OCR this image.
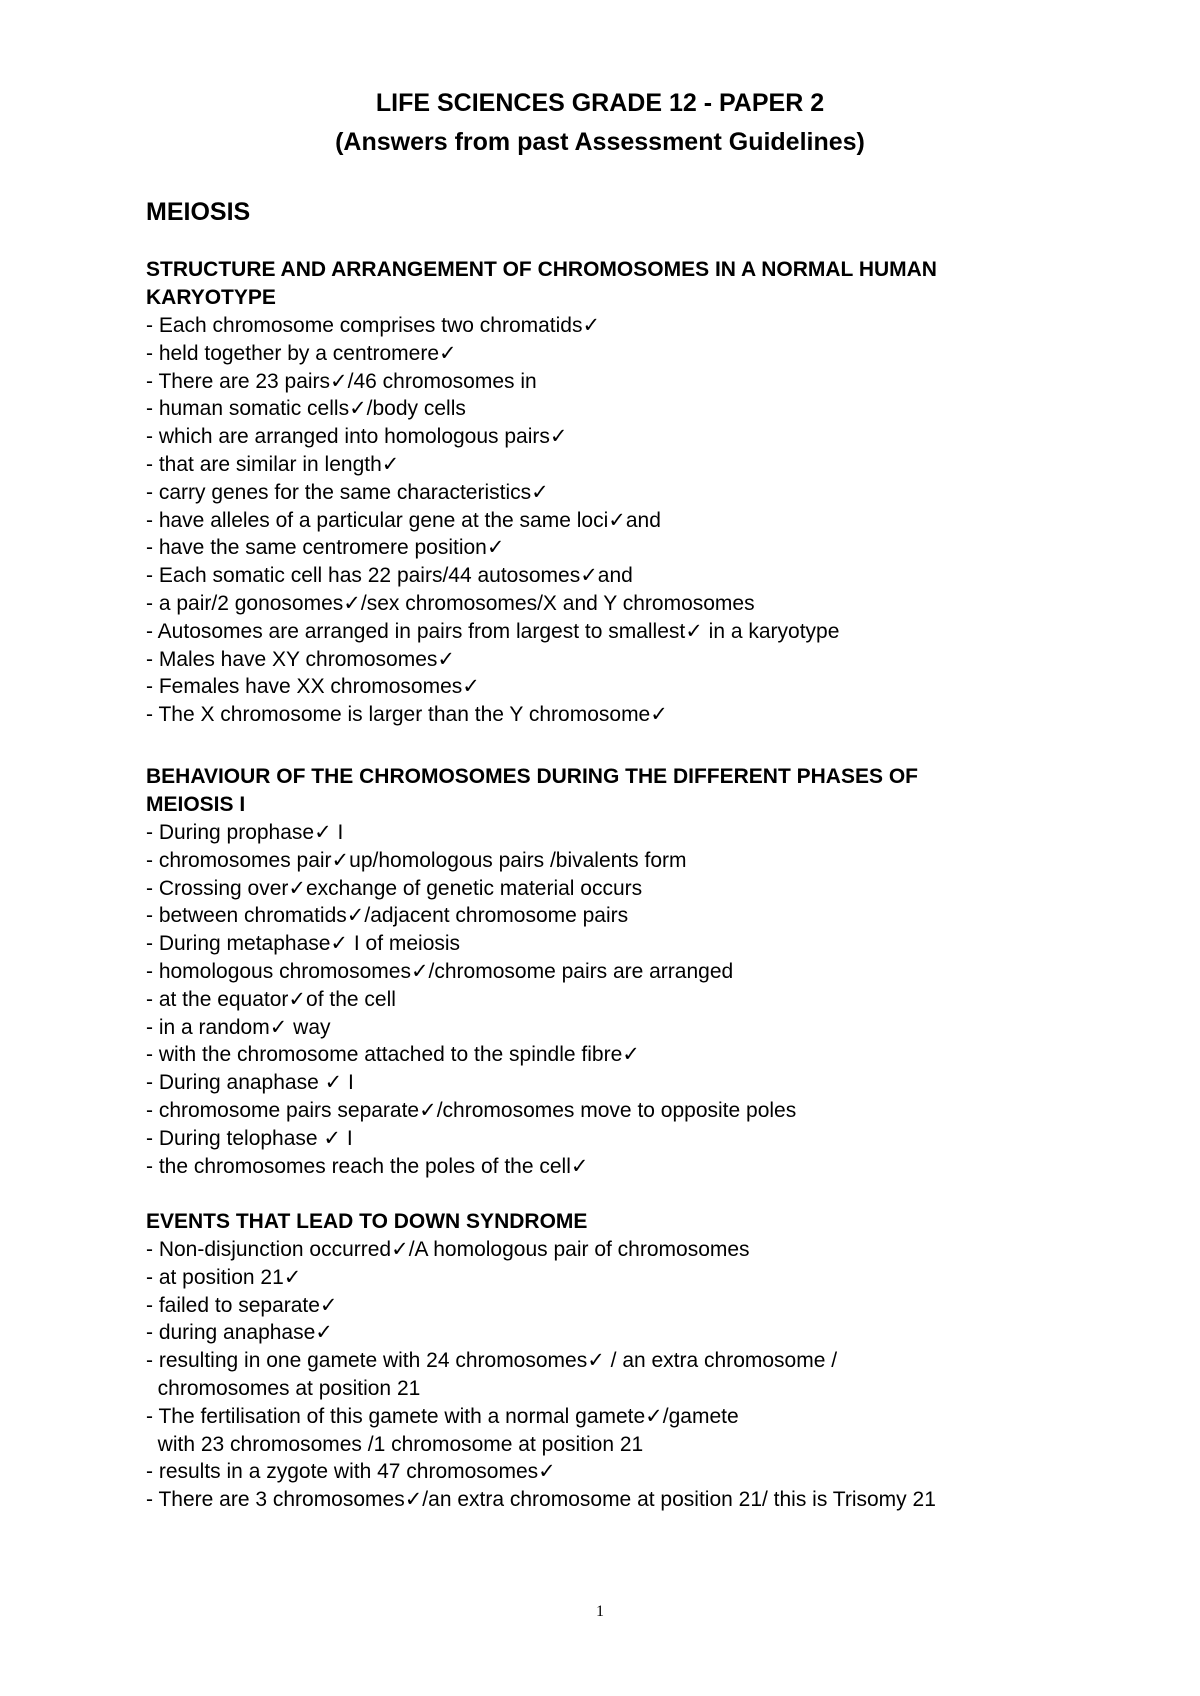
LIFE SCIENCES GRADE 12 - PAPER 2
(Answers from past Assessment Guidelines)
MEIOSIS
STRUCTURE AND ARRANGEMENT OF CHROMOSOMES IN A NORMAL HUMAN
KARYOTYPE
- Each chromosome comprises two chromatids✓
- held together by a centromere✓
- There are 23 pairs✓/46 chromosomes in
- human somatic cells✓/body cells
- which are arranged into homologous pairs✓
- that are similar in length✓
- carry genes for the same characteristics✓
- have alleles of a particular gene at the same loci✓and
- have the same centromere position✓
- Each somatic cell has 22 pairs/44 autosomes✓and
- a pair/2 gonosomes✓/sex chromosomes/X and Y chromosomes
- Autosomes are arranged in pairs from largest to smallest✓ in a karyotype
- Males have XY chromosomes✓
- Females have XX chromosomes✓
- The X chromosome is larger than the Y chromosome✓
BEHAVIOUR OF THE CHROMOSOMES DURING THE DIFFERENT PHASES OF
MEIOSIS I
- During prophase✓ I
- chromosomes pair✓up/homologous pairs /bivalents form
- Crossing over✓exchange of genetic material occurs
- between chromatids✓/adjacent chromosome pairs
- During metaphase✓ I of meiosis
- homologous chromosomes✓/chromosome pairs are arranged
- at the equator✓of the cell
- in a random✓ way
- with the chromosome attached to the spindle fibre✓
- During anaphase ✓ I
- chromosome pairs separate✓/chromosomes move to opposite poles
- During telophase ✓ I
- the chromosomes reach the poles of the cell✓
EVENTS THAT LEAD TO DOWN SYNDROME
- Non-disjunction occurred✓/A homologous pair of chromosomes
- at position 21✓
- failed to separate✓
- during anaphase✓
- resulting in one gamete with 24 chromosomes✓ / an extra chromosome /
chromosomes at position 21
- The fertilisation of this gamete with a normal gamete✓/gamete
with 23 chromosomes /1 chromosome at position 21
- results in a zygote with 47 chromosomes✓
- There are 3 chromosomes✓/an extra chromosome at position 21/ this is Trisomy 21
1
